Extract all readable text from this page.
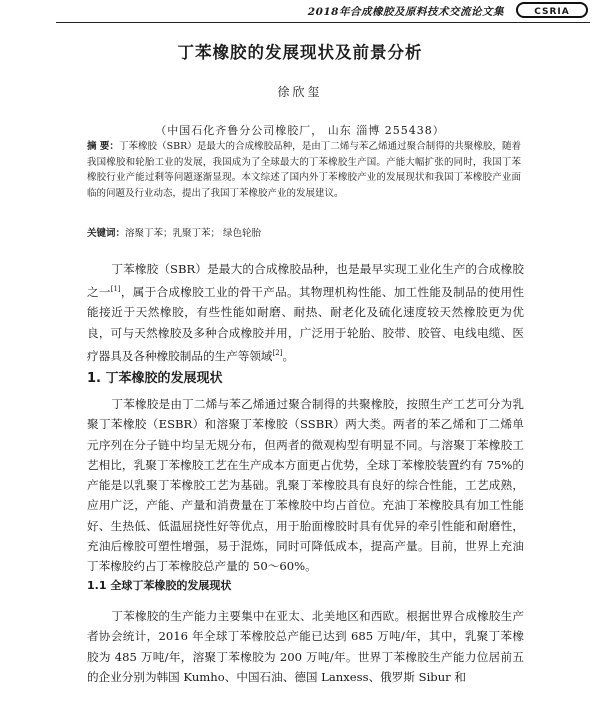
2018年合成橡胶及原料技术交流论文集	CSRIA
丁苯橡胶的发展现状及前景分析
徐欣玺
（中国石化齐鲁分公司橡胶厂， 山东 淄博 255438）
摘 要：丁苯橡胶（SBR）是最大的合成橡胶品种，是由丁二烯与苯乙烯通过聚合制得的共聚橡胶，随着我国橡胶和轮胎工业的发展，我国成为了全球最大的丁苯橡胶生产国。产能大幅扩张的同时，我国丁苯橡胶行业产能过剩等问题逐渐显现。本文综述了国内外丁苯橡胶产业的发展现状和我国丁苯橡胶产业面临的问题及行业动态，提出了我国丁苯橡胶产业的发展建议。
关键词：溶聚丁苯；乳聚丁苯； 绿色轮胎
丁苯橡胶（SBR）是最大的合成橡胶品种，也是最早实现工业化生产的合成橡胶之一[1]，属于合成橡胶工业的骨干产品。其物理机构性能、加工性能及制品的使用性能接近于天然橡胶，有些性能如耐磨、耐热、耐老化及硫化速度较天然橡胶更为优良，可与天然橡胶及多种合成橡胶并用，广泛用于轮胎、胶带、胶管、电线电缆、医疗器具及各种橡胶制品的生产等领域[2]。
1. 丁苯橡胶的发展现状
丁苯橡胶是由丁二烯与苯乙烯通过聚合制得的共聚橡胶，按照生产工艺可分为乳聚丁苯橡胶（ESBR）和溶聚丁苯橡胶（SSBR）两大类。两者的苯乙烯和丁二烯单元序列在分子链中均呈无规分布，但两者的微观构型有明显不同。与溶聚丁苯橡胶工艺相比，乳聚丁苯橡胶工艺在生产成本方面更占优势，全球丁苯橡胶装置约有 75%的产能是以乳聚丁苯橡胶工艺为基础。乳聚丁苯橡胶具有良好的综合性能，工艺成熟，应用广泛，产能、产量和消费量在丁苯橡胶中均占首位。充油丁苯橡胶具有加工性能好、生热低、低温屈挠性好等优点，用于胎面橡胶时具有优异的牵引性能和耐磨性，充油后橡胶可塑性增强，易于混炼，同时可降低成本，提高产量。目前，世界上充油丁苯橡胶约占丁苯橡胶总产量的 50～60%。
1.1 全球丁苯橡胶的发展现状
丁苯橡胶的生产能力主要集中在亚太、北美地区和西欧。根据世界合成橡胶生产者协会统计，2016 年全球丁苯橡胶总产能已达到 685 万吨/年，其中，乳聚丁苯橡胶为 485 万吨/年，溶聚丁苯橡胶为 200 万吨/年。世界丁苯橡胶生产能力位居前五的企业分别为韩国 Kumho、中国石油、德国 Lanxess、俄罗斯 Sibur 和
